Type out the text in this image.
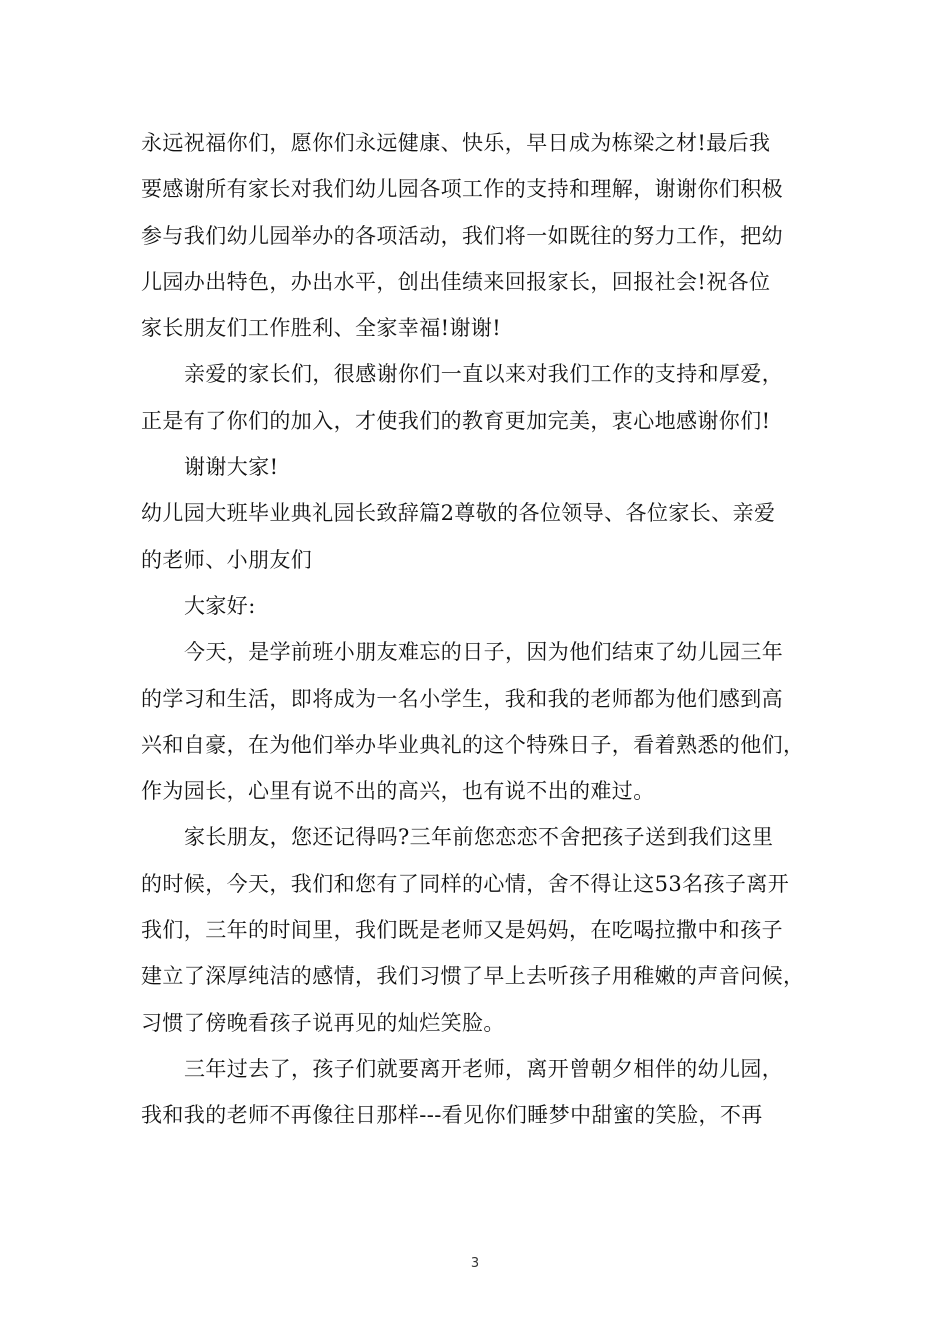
永远祝福你们，愿你们永远健康、快乐，早日成为栋梁之材!最后我
要感谢所有家长对我们幼儿园各项工作的支持和理解，谢谢你们积极
参与我们幼儿园举办的各项活动，我们将一如既往的努力工作，把幼
儿园办出特色，办出水平，创出佳绩来回报家长，回报社会!祝各位
家长朋友们工作胜利、全家幸福!谢谢!
亲爱的家长们，很感谢你们一直以来对我们工作的支持和厚爱，
正是有了你们的加入，才使我们的教育更加完美，衷心地感谢你们!
谢谢大家!
幼儿园大班毕业典礼园长致辞篇2尊敬的各位领导、各位家长、亲爱
的老师、小朋友们
大家好:
今天，是学前班小朋友难忘的日子，因为他们结束了幼儿园三年
的学习和生活，即将成为一名小学生，我和我的老师都为他们感到高
兴和自豪，在为他们举办毕业典礼的这个特殊日子，看着熟悉的他们，
作为园长，心里有说不出的高兴，也有说不出的难过。
家长朋友，您还记得吗?三年前您恋恋不舍把孩子送到我们这里
的时候，今天，我们和您有了同样的心情，舍不得让这53名孩子离开
我们，三年的时间里，我们既是老师又是妈妈，在吃喝拉撒中和孩子
建立了深厚纯洁的感情，我们习惯了早上去听孩子用稚嫩的声音问候，
习惯了傍晚看孩子说再见的灿烂笑脸。
三年过去了，孩子们就要离开老师，离开曾朝夕相伴的幼儿园，
我和我的老师不再像往日那样---看见你们睡梦中甜蜜的笑脸，不再
3
